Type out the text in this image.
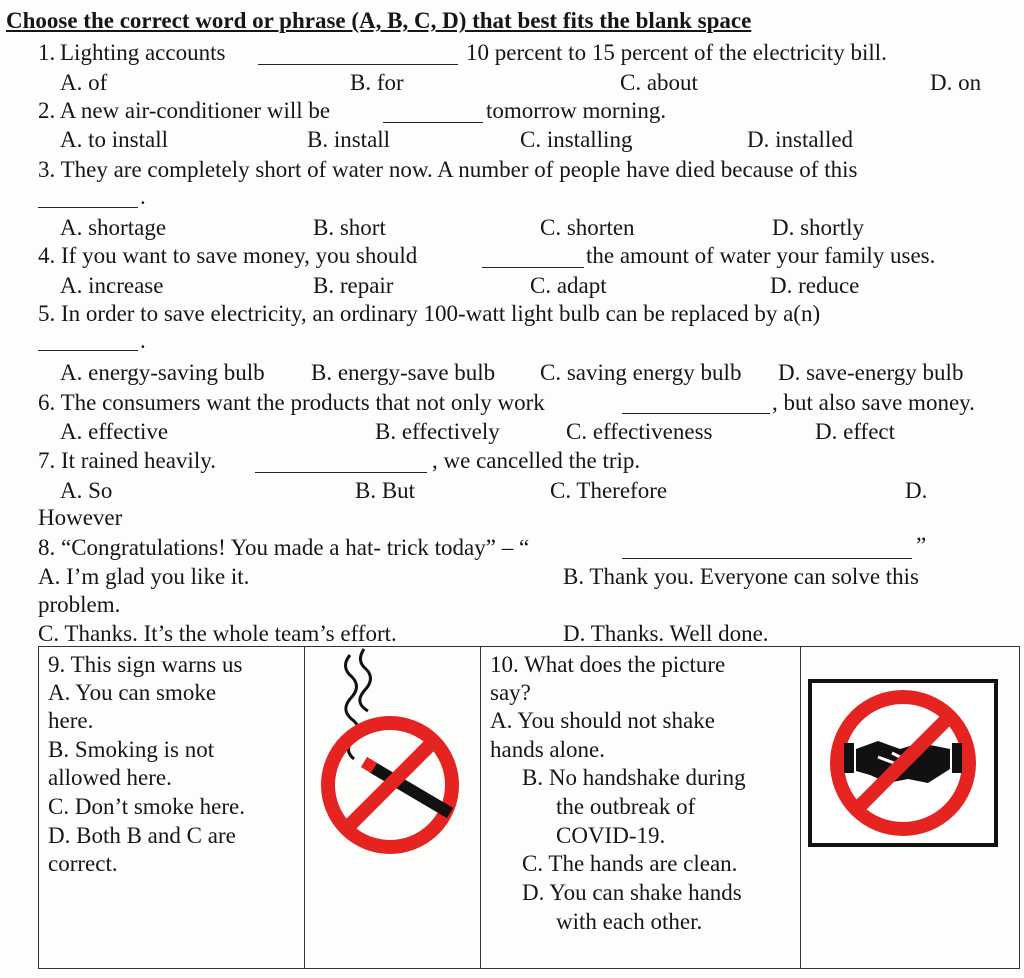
Choose the correct word or phrase (A, B, C, D) that best fits the blank space
1. Lighting accounts	10 percent to 15 percent of the electricity bill.
A. of	B. for	C. about	D. on
2. A new air-conditioner will be	tomorrow morning.
A. to install	B. install	C. installing	D. installed
3. They are completely short of water now. A number of people have died because of this
.
A. shortage	B. short	C. shorten	D. shortly
4. If you want to save money, you should	the amount of water your family uses.
A. increase	B. repair	C. adapt	D. reduce
5. In order to save electricity, an ordinary 100-watt light bulb can be replaced by a(n)
.
A. energy-saving bulb B. energy-save bulb C. saving energy bulb D. save-energy bulb
6. The consumers want the products that not only work	, but also save money.
A. effective	B. effectively	C. effectiveness	D. effect
7. It rained heavily.	, we cancelled the trip.
A. So	B. But	C. Therefore	D.
However
8. “Congratulations! You made a hat- trick today” – “	”
A. I’m glad you like it.	B. Thank you. Everyone can solve this
problem.
C. Thanks. It’s the whole team’s effort.	D. Thanks. Well done.
9. This sign warns us
A. You can smoke
here.
B. Smoking is not
allowed here.
C. Don’t smoke here.
D. Both B and C are
correct.
10. What does the picture
say?
A. You should not shake
hands alone.
B. No handshake during
the outbreak of
COVID-19.
C. The hands are clean.
D. You can shake hands
with each other.
